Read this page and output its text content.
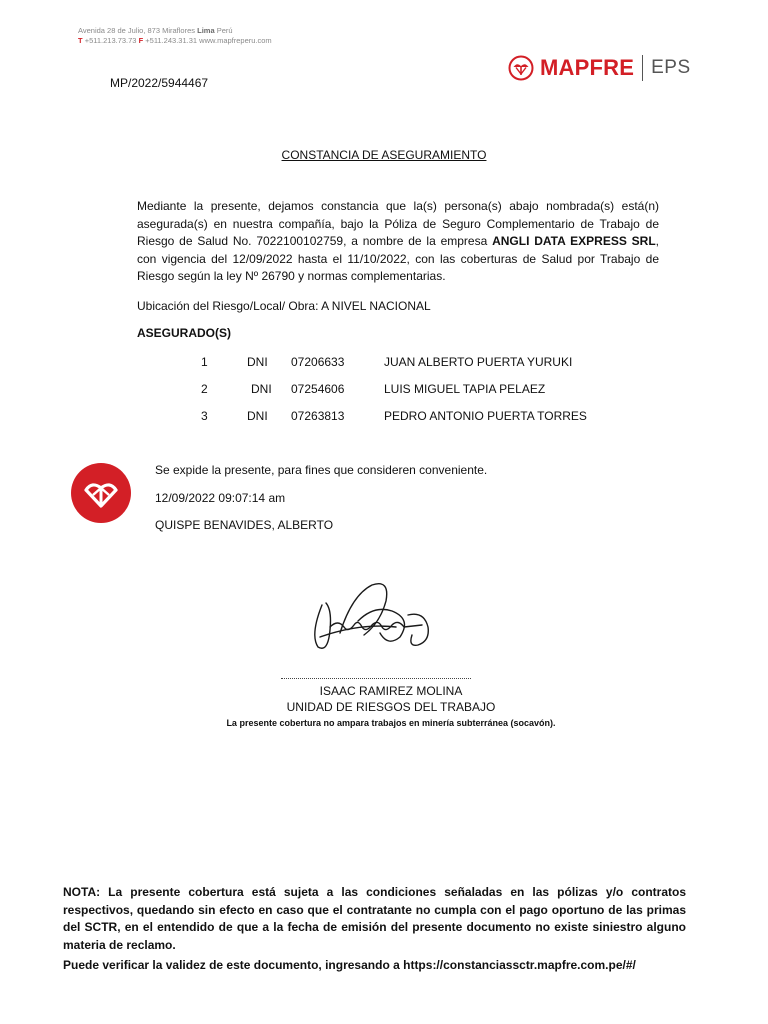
Avenida 28 de Julio, 873 Miraflores Lima Perú
T +511.213.73.73 F +511.243.31.31 www.mapfreperu.com
MP/2022/5944467
MAPFRE EPS
CONSTANCIA DE ASEGURAMIENTO
Mediante la presente, dejamos constancia que la(s) persona(s) abajo nombrada(s) está(n) asegurada(s) en nuestra compañía, bajo la Póliza de Seguro Complementario de Trabajo de Riesgo de Salud No. 7022100102759, a nombre de la empresa ANGLI DATA EXPRESS SRL, con vigencia del 12/09/2022 hasta el 11/10/2022, con las coberturas de Salud por Trabajo de Riesgo según la ley Nº 26790 y normas complementarias.
Ubicación del Riesgo/Local/ Obra: A NIVEL NACIONAL
ASEGURADO(S)
1	DNI 07206633	JUAN ALBERTO PUERTA YURUKI
2	DNI 07254606	LUIS MIGUEL TAPIA PELAEZ
3	DNI 07263813	PEDRO ANTONIO PUERTA TORRES
Se expide la presente, para fines que consideren conveniente.
12/09/2022 09:07:14 am
QUISPE BENAVIDES, ALBERTO
ISAAC RAMIREZ MOLINA
UNIDAD DE RIESGOS DEL TRABAJO
La presente cobertura no ampara trabajos en minería subterránea (socavón).
NOTA: La presente cobertura está sujeta a las condiciones señaladas en las pólizas y/o contratos respectivos, quedando sin efecto en caso que el contratante no cumpla con el pago oportuno de las primas del SCTR, en el entendido de que a la fecha de emisión del presente documento no existe siniestro alguno materia de reclamo.
Puede verificar la validez de este documento, ingresando a https://constanciassctr.mapfre.com.pe/#/
